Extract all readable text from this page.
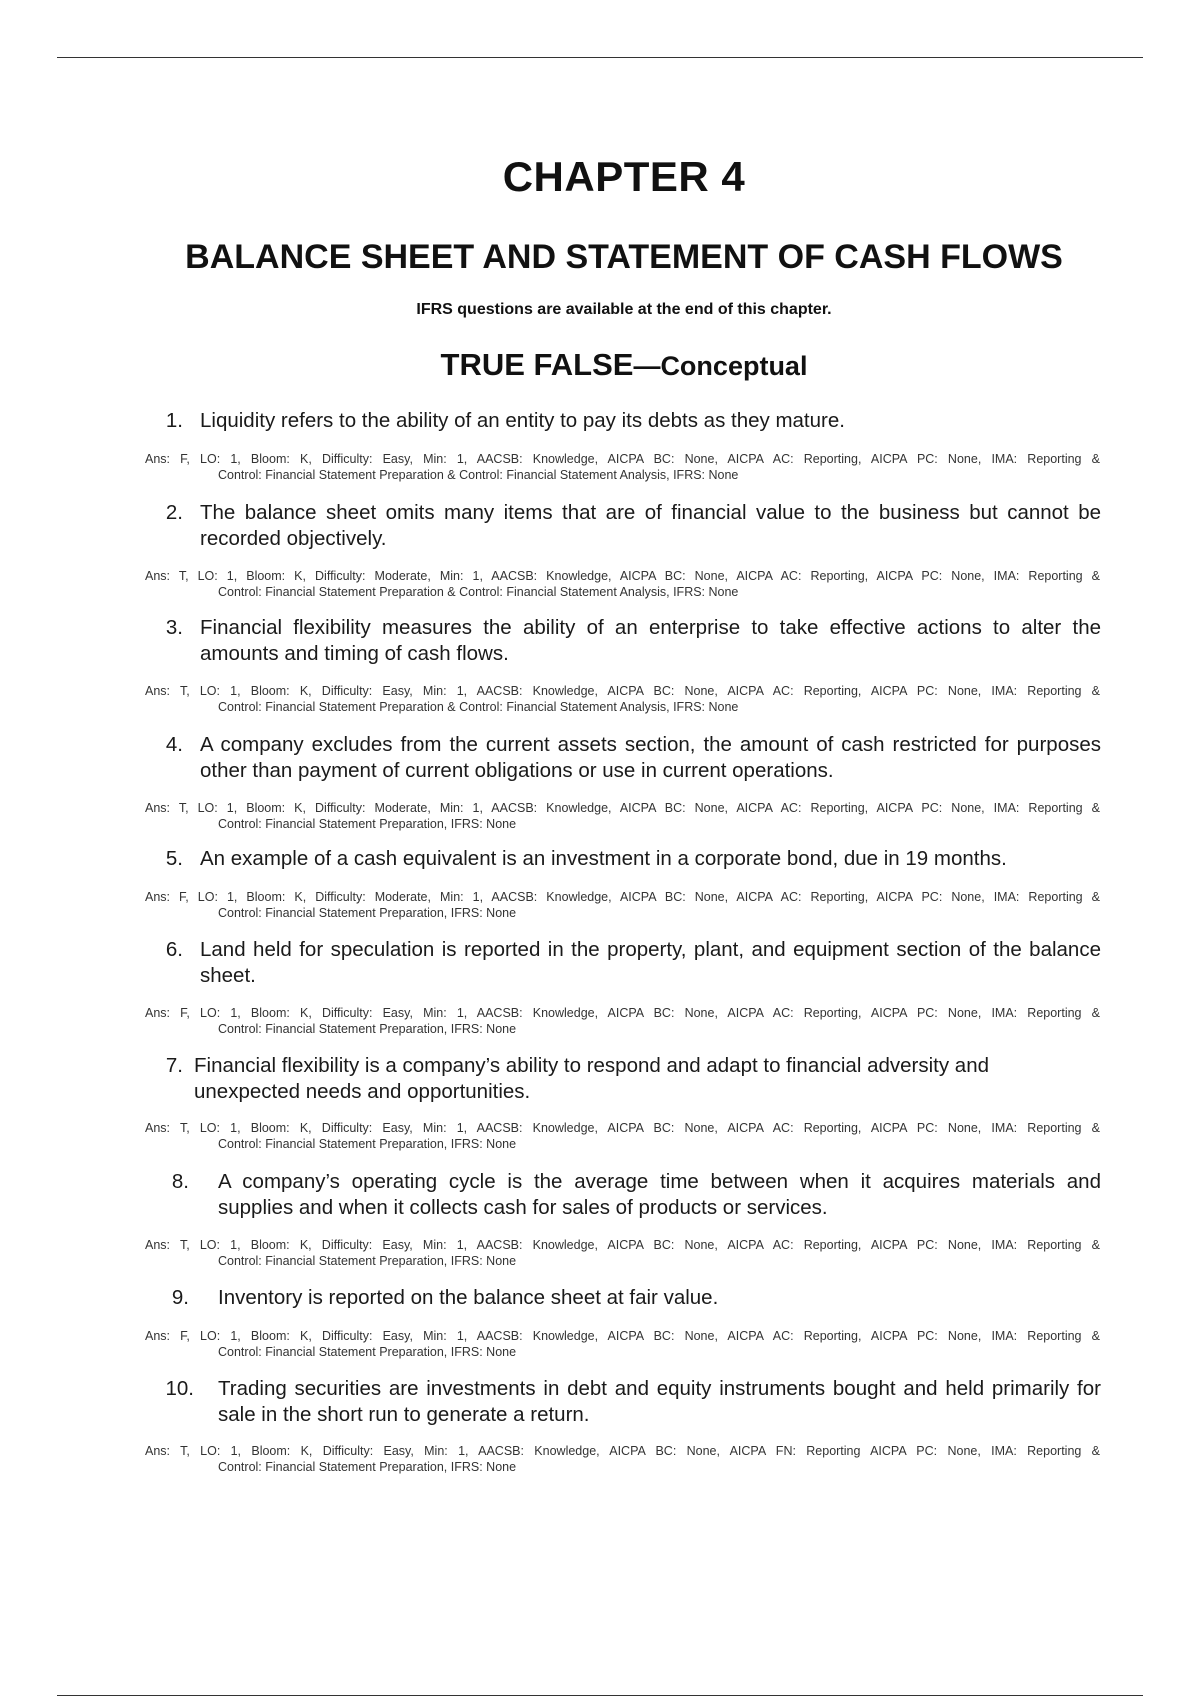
CHAPTER 4
BALANCE SHEET AND STATEMENT OF CASH FLOWS
IFRS questions are available at the end of this chapter.
TRUE FALSE—Conceptual
1. Liquidity refers to the ability of an entity to pay its debts as they mature.
Ans: F, LO: 1, Bloom: K, Difficulty: Easy, Min: 1, AACSB: Knowledge, AICPA BC: None, AICPA AC: Reporting, AICPA PC: None, IMA: Reporting &
Control: Financial Statement Preparation & Control: Financial Statement Analysis, IFRS: None
2. The balance sheet omits many items that are of financial value to the business but cannot be recorded objectively.
Ans: T, LO: 1, Bloom: K, Difficulty: Moderate, Min: 1, AACSB: Knowledge, AICPA BC: None, AICPA AC: Reporting, AICPA PC: None, IMA: Reporting &
Control: Financial Statement Preparation & Control: Financial Statement Analysis, IFRS: None
3. Financial flexibility measures the ability of an enterprise to take effective actions to alter the amounts and timing of cash flows.
Ans: T, LO: 1, Bloom: K, Difficulty: Easy, Min: 1, AACSB: Knowledge, AICPA BC: None, AICPA AC: Reporting, AICPA PC: None, IMA: Reporting &
Control: Financial Statement Preparation & Control: Financial Statement Analysis, IFRS: None
4. A company excludes from the current assets section, the amount of cash restricted for purposes other than payment of current obligations or use in current operations.
Ans: T, LO: 1, Bloom: K, Difficulty: Moderate, Min: 1, AACSB: Knowledge, AICPA BC: None, AICPA AC: Reporting, AICPA PC: None, IMA: Reporting &
Control: Financial Statement Preparation, IFRS: None
5. An example of a cash equivalent is an investment in a corporate bond, due in 19 months.
Ans: F, LO: 1, Bloom: K, Difficulty: Moderate, Min: 1, AACSB: Knowledge, AICPA BC: None, AICPA AC: Reporting, AICPA PC: None, IMA: Reporting &
Control: Financial Statement Preparation, IFRS: None
6. Land held for speculation is reported in the property, plant, and equipment section of the balance sheet.
Ans: F, LO: 1, Bloom: K, Difficulty: Easy, Min: 1, AACSB: Knowledge, AICPA BC: None, AICPA AC: Reporting, AICPA PC: None, IMA: Reporting &
Control: Financial Statement Preparation, IFRS: None
7. Financial flexibility is a company’s ability to respond and adapt to financial adversity and unexpected needs and opportunities.
Ans: T, LO: 1, Bloom: K, Difficulty: Easy, Min: 1, AACSB: Knowledge, AICPA BC: None, AICPA AC: Reporting, AICPA PC: None, IMA: Reporting &
Control: Financial Statement Preparation, IFRS: None
8. A company’s operating cycle is the average time between when it acquires materials and supplies and when it collects cash for sales of products or services.
Ans: T, LO: 1, Bloom: K, Difficulty: Easy, Min: 1, AACSB: Knowledge, AICPA BC: None, AICPA AC: Reporting, AICPA PC: None, IMA: Reporting &
Control: Financial Statement Preparation, IFRS: None
9. Inventory is reported on the balance sheet at fair value.
Ans: F, LO: 1, Bloom: K, Difficulty: Easy, Min: 1, AACSB: Knowledge, AICPA BC: None, AICPA AC: Reporting, AICPA PC: None, IMA: Reporting &
Control: Financial Statement Preparation, IFRS: None
10. Trading securities are investments in debt and equity instruments bought and held primarily for sale in the short run to generate a return.
Ans: T, LO: 1, Bloom: K, Difficulty: Easy, Min: 1, AACSB: Knowledge, AICPA BC: None, AICPA FN: Reporting AICPA PC: None, IMA: Reporting &
Control: Financial Statement Preparation, IFRS: None
